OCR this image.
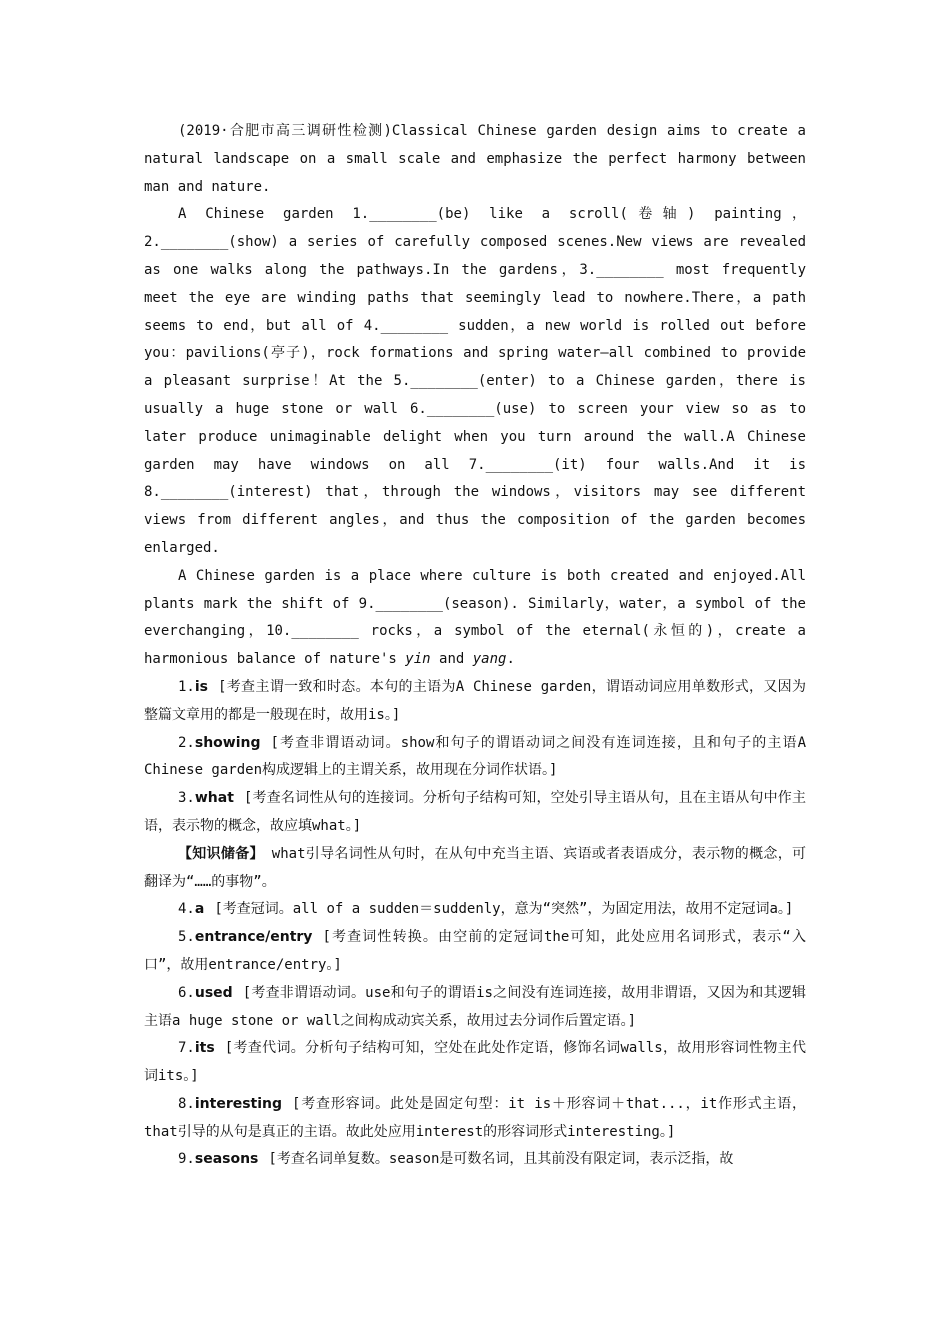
(2019·合肥市高三调研性检测)Classical Chinese garden design aims to create a natural landscape on a small scale and emphasize the perfect harmony between man and nature.

A Chinese garden 1.________(be) like a scroll(卷轴) painting，2.________(show) a series of carefully composed scenes.New views are revealed as one walks along the pathways.In the gardens，3.________ most frequently meet the eye are winding paths that seemingly lead to nowhere.There，a path seems to end，but all of 4.________ sudden，a new world is rolled out before you：pavilions(亭子)，rock formations and spring water—all combined to provide a pleasant surprise！At the 5.________(enter) to a Chinese garden，there is usually a huge stone or wall 6.________(use) to screen your view so as to later produce unimaginable delight when you turn around the wall.A Chinese garden may have windows on all 7.________(it) four walls.And it is 8.________(interest) that，through the windows，visitors may see different views from different angles，and thus the composition of the garden becomes enlarged.

A Chinese garden is a place where culture is both created and enjoyed.All plants mark the shift of 9.________(season). Similarly，water，a symbol of the everchanging，10.________ rocks，a symbol of the eternal(永恒的)，create a harmonious balance of nature's yin and yang.

1.is [考查主谓一致和时态。本句的主语为A Chinese garden，谓语动词应用单数形式，又因为整篇文章用的都是一般现在时，故用is。]

2.showing [考查非谓语动词。show和句子的谓语动词之间没有连词连接，且和句子的主语A Chinese garden构成逻辑上的主谓关系，故用现在分词作状语。]

3.what [考查名词性从句的连接词。分析句子结构可知，空处引导主语从句，且在主语从句中作主语，表示物的概念，故应填what。]

【知识储备】 what引导名词性从句时，在从句中充当主语、宾语或者表语成分，表示物的概念，可翻译为“……的事物”。

4.a [考查冠词。all of a sudden＝suddenly，意为“突然”，为固定用法，故用不定冠词a。]

5.entrance/entry [考查词性转换。由空前的定冠词the可知，此处应用名词形式，表示“入口”，故用entrance/entry。]

6.used [考查非谓语动词。use和句子的谓语is之间没有连词连接，故用非谓语，又因为和其逻辑主语a huge stone or wall之间构成动宾关系，故用过去分词作后置定语。]

7.its [考查代词。分析句子结构可知，空处在此处作定语，修饰名词walls，故用形容词性物主代词its。]

8.interesting [考查形容词。此处是固定句型：it is＋形容词＋that...，it作形式主语，that引导的从句是真正的主语。故此处应用interest的形容词形式interesting。]

9.seasons [考查名词单复数。season是可数名词，且其前没有限定词，表示泛指，故
